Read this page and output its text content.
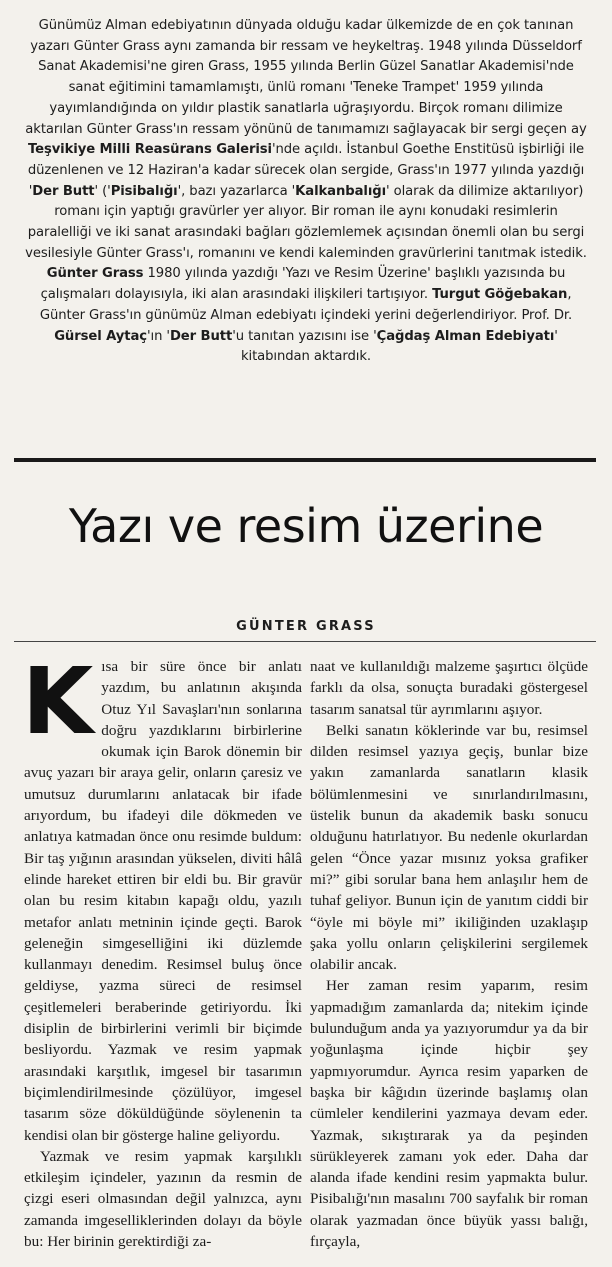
Günümüz Alman edebiyatının dünyada olduğu kadar ülkemizde de en çok tanınan yazarı Günter Grass aynı zamanda bir ressam ve heykeltraş. 1948 yılında Düsseldorf Sanat Akademisi'ne giren Grass, 1955 yılında Berlin Güzel Sanatlar Akademisi'nde sanat eğitimini tamamlamıştı, ünlü romanı 'Teneke Trampet' 1959 yılında yayımlandığında on yıldır plastik sanatlarla uğraşıyordu. Birçok romanı dilimize aktarılan Günter Grass'ın ressam yönünü de tanımamızı sağlayacak bir sergi geçen ay Teşvikiye Milli Reasürans Galerisi'nde açıldı. İstanbul Goethe Enstitüsü işbirliği ile düzenlenen ve 12 Haziran'a kadar sürecek olan sergide, Grass'ın 1977 yılında yazdığı 'Der Butt' ('Pisibalığı', bazı yazarlarca 'Kalkanbalığı' olarak da dilimize aktarılıyor) romanı için yaptığı gravürler yer alıyor. Bir roman ile aynı konudaki resimlerin paralelliği ve iki sanat arasındaki bağları gözlemlemek açısından önemli olan bu sergi vesilesiyle Günter Grass'ı, romanını ve kendi kaleminden gravürlerini tanıtmak istedik. Günter Grass 1980 yılında yazdığı 'Yazı ve Resim Üzerine' başlıklı yazısında bu çalışmaları dolayısıyla, iki alan arasındaki ilişkileri tartışıyor. Turgut Göğebakan, Günter Grass'ın günümüz Alman edebiyatı içindeki yerini değerlendiriyor. Prof. Dr. Gürsel Aytaç'ın 'Der Butt'u tanıtan yazısını ise 'Çağdaş Alman Edebiyatı' kitabından aktardık.
Yazı ve resim üzerine
GÜNTER GRASS

Kısa bir süre önce bir anlatı yazdım, bu anlatının akışında Otuz Yıl Savaşları'nın sonlarına doğru yazdıklarını birbirlerine okumak için Barok dönemin bir avuç yazarı bir araya gelir, onların çaresiz ve umutsuz durumlarını anlatacak bir ifade arıyordum, bu ifadeyi dile dökmeden ve anlatıya katmadan önce onu resimde buldum: Bir taş yığının arasından yükselen, diviti hâlâ elinde hareket ettiren bir eldi bu. Bir gravür olan bu resim kitabın kapağı oldu, yazılı metafor anlatı metninin içinde geçti. Barok geleneğin simgeselliğini iki düzlemde kullanmayı denedim. Resimsel buluş önce geldiyse, yazma süreci de resimsel çeşitlemeleri beraberinde getiriyordu. İki disiplin de birbirlerini verimli bir biçimde besliyordu. Yazmak ve resim yapmak arasındaki karşıtlık, imgesel bir tasarımın biçimlendirilmesinde çözülüyor, imgesel tasarım söze döküldüğünde söylenenin ta kendisi olan bir gösterge haline geliyordu.

Yazmak ve resim yapmak karşılıklı etkileşim içindeler, yazının da resmin de çizgi eseri olmasından değil yalnızca, aynı zamanda imgeselliklerinden dolayı da böyle bu: Her birinin gerektirdiği za-

naat ve kullanıldığı malzeme şaşırtıcı ölçüde farklı da olsa, sonuçta buradaki göstergesel tasarım sanatsal tür ayrımlarını aşıyor.

Belki sanatın köklerinde var bu, resimsel dilden resimsel yazıya geçiş, bunlar bize yakın zamanlarda sanatların klasik bölümlenmesini ve sınırlandırılmasını, üstelik bunun da akademik baskı sonucu olduğunu hatırlatıyor. Bu nedenle okurlardan gelen “Önce yazar mısınız yoksa grafiker mi?” gibi sorular bana hem anlaşılır hem de tuhaf geliyor. Bunun için de yanıtım ciddi bir “öyle mi böyle mi” ikiliğinden uzaklaşıp şaka yollu onların çelişkilerini sergilemek olabilir ancak.

Her zaman resim yaparım, resim yapmadığım zamanlarda da; nitekim içinde bulunduğum anda ya yazıyorumdur ya da bir yoğunlaşma içinde hiçbir şey yapmıyorumdur. Ayrıca resim yaparken de başka bir kâğıdın üzerinde başlamış olan cümleler kendilerini yazmaya devam eder. Yazmak, sıkıştırarak ya da peşinden sürükleyerek zamanı yok eder. Daha dar alanda ifade kendini resim yapmakta bulur. Pisibalığı'nın masalını 700 sayfalık bir roman olarak yazmadan önce büyük yassı balığı, fırçayla,
